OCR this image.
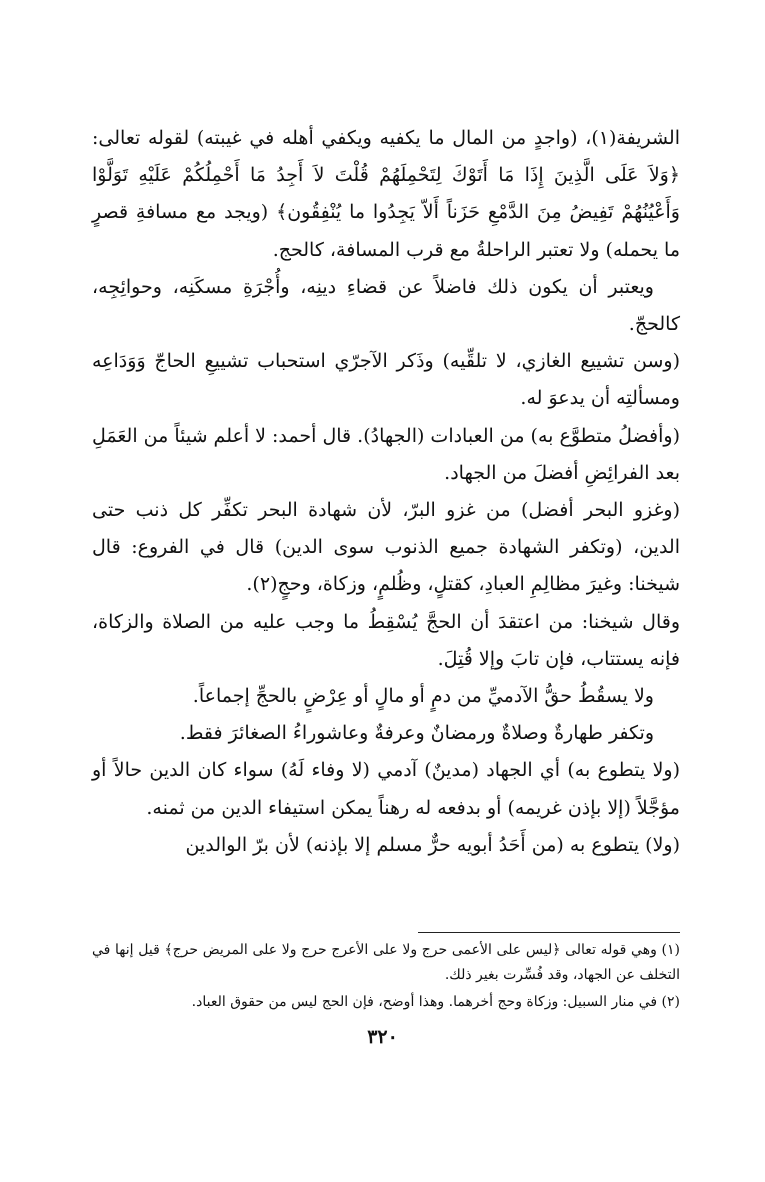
الشريفة(١)، (واجدٍ من المال ما يكفيه ويكفي أهله في غيبته) لقوله تعالى: ﴿وَلاَ عَلَى الَّذِينَ إِذَا مَا أَتَوْكَ لِتَحْمِلَهُمْ قُلْتَ لاَ أَجِدُ مَا أَحْمِلُكُمْ عَلَيْهِ تَوَلَّوْا وَأَعْيُنُهُمْ تَفِيضُ مِنَ الدَّمْعِ حَزَناً أَلاّ يَجِدُوا ما يُنْفِقُون﴾ (ويجد مع مسافةِ قصرٍ ما يحمله) ولا تعتبر الراحلةُ مع قرب المسافة، كالحج.

ويعتبر أن يكون ذلك فاضلاً عن قضاءِ دينِه، وأُجْرَةِ مسكَنِه، وحوائِجِه، كالحجّ.

(وسن تشييع الغازي، لا تلقِّيه) وذَكر الآجرّي استحباب تشييعِ الحاجّ وَوَدَاعِه ومسألتِه أن يدعوَ له.

(وأفضلُ متطوَّع به) من العبادات (الجهادُ). قال أحمد: لا أعلم شيئاً من العَمَلِ بعد الفرائِضِ أفضلَ من الجهاد.

(وغزو البحر أفضل) من غزو البرّ، لأن شهادة البحر تكفِّر كل ذنب حتى الدين، (وتكفر الشهادة جميع الذنوب سوى الدين) قال في الفروع: قال شيخنا: وغيرَ مظالِمِ العبادِ، كقتلٍ، وظُلمٍ، وزكاة، وحجٍ(٢).

وقال شيخنا: من اعتقدَ أن الحجَّ يُسْقِطُ ما وجب عليه من الصلاة والزكاة، فإنه يستتاب، فإن تابَ وإلا قُتِلَ.

ولا يسقُطُ حقُّ الآدميِّ من دمٍ أو مالٍ أو عِرْضٍ بالحجِّ إجماعاً.

وتكفر طهارةٌ وصلاةٌ ورمضانٌ وعرفةٌ وعاشوراءُ الصغائرَ فقط.

(ولا يتطوع به) أي الجهاد (مدينٌ) آدمي (لا وفاء لَهُ) سواء كان الدين حالاً أو مؤجَّلاً (إلا بإذن غريمه) أو بدفعه له رهناً يمكن استيفاء الدين من ثمنه.

(ولا) يتطوع به (من أَحَدُ أبويه حرٌّ مسلم إلا بإذنه) لأن برّ الوالدين

(١) وهي قوله تعالى ﴿ليس على الأعمى حرج ولا على الأعرج حرج ولا على المريض حرج﴾ قيل إنها في التخلف عن الجهاد، وقد فُسِّرت بغير ذلك.

(٢) في منار السبيل: وزكاة وحج أخرهما. وهذا أوضح، فإن الحج ليس من حقوق العباد.

٣٢٠
